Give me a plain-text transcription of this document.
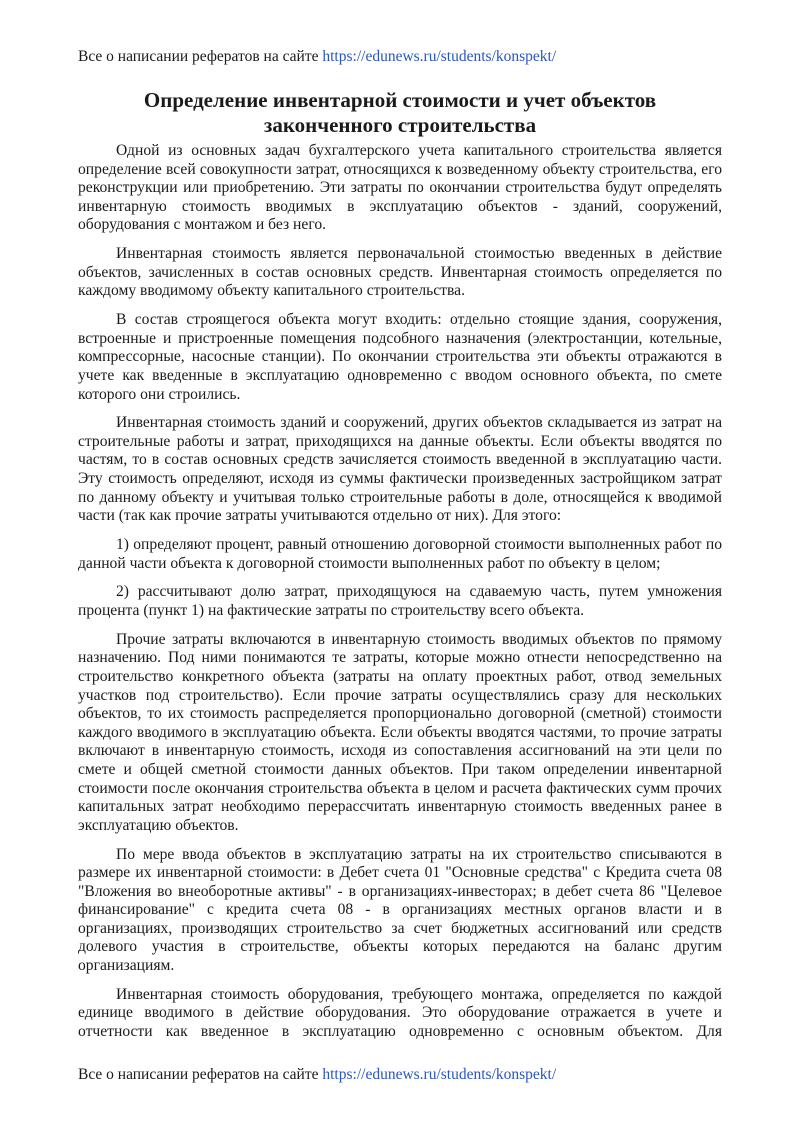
Все о написании рефератов на сайте https://edunews.ru/students/konspekt/
Определение инвентарной стоимости и учет объектов
законченного строительства

Одной из основных задач бухгалтерского учета капитального строительства является определение всей совокупности затрат, относящихся к возведенному объекту строительства, его реконструкции или приобретению. Эти затраты по окончании строительства будут определять инвентарную стоимость вводимых в эксплуатацию объектов - зданий, сооружений, оборудования с монтажом и без него.

Инвентарная стоимость является первоначальной стоимостью введенных в действие объектов, зачисленных в состав основных средств. Инвентарная стоимость определяется по каждому вводимому объекту капитального строительства.

В состав строящегося объекта могут входить: отдельно стоящие здания, сооружения, встроенные и пристроенные помещения подсобного назначения (электростанции, котельные, компрессорные, насосные станции). По окончании строительства эти объекты отражаются в учете как введенные в эксплуатацию одновременно с вводом основного объекта, по смете которого они строились.

Инвентарная стоимость зданий и сооружений, других объектов складывается из затрат на строительные работы и затрат, приходящихся на данные объекты. Если объекты вводятся по частям, то в состав основных средств зачисляется стоимость введенной в эксплуатацию части. Эту стоимость определяют, исходя из суммы фактически произведенных застройщиком затрат по данному объекту и учитывая только строительные работы в доле, относящейся к вводимой части (так как прочие затраты учитываются отдельно от них). Для этого:

1) определяют процент, равный отношению договорной стоимости выполненных работ по данной части объекта к договорной стоимости выполненных работ по объекту в целом;

2) рассчитывают долю затрат, приходящуюся на сдаваемую часть, путем умножения процента (пункт 1) на фактические затраты по строительству всего объекта.

Прочие затраты включаются в инвентарную стоимость вводимых объектов по прямому назначению. Под ними понимаются те затраты, которые можно отнести непосредственно на строительство конкретного объекта (затраты на оплату проектных работ, отвод земельных участков под строительство). Если прочие затраты осуществлялись сразу для нескольких объектов, то их стоимость распределяется пропорционально договорной (сметной) стоимости каждого вводимого в эксплуатацию объекта. Если объекты вводятся частями, то прочие затраты включают в инвентарную стоимость, исходя из сопоставления ассигнований на эти цели по смете и общей сметной стоимости данных объектов. При таком определении инвентарной стоимости после окончания строительства объекта в целом и расчета фактических сумм прочих капитальных затрат необходимо перерассчитать инвентарную стоимость введенных ранее в эксплуатацию объектов.

По мере ввода объектов в эксплуатацию затраты на их строительство списываются в размере их инвентарной стоимости: в Дебет счета 01 "Основные средства" с Кредита счета 08 "Вложения во внеоборотные активы" - в организациях-инвесторах; в дебет счета 86 "Целевое финансирование" с кредита счета 08 - в организациях местных органов власти и в организациях, производящих строительство за счет бюджетных ассигнований или средств долевого участия в строительстве, объекты которых передаются на баланс другим организациям.

Инвентарная стоимость оборудования, требующего монтажа, определяется по каждой единице вводимого в действие оборудования. Это оборудование отражается в учете и отчетности как введенное в эксплуатацию одновременно с основным объектом. Для

Все о написании рефератов на сайте https://edunews.ru/students/konspekt/
